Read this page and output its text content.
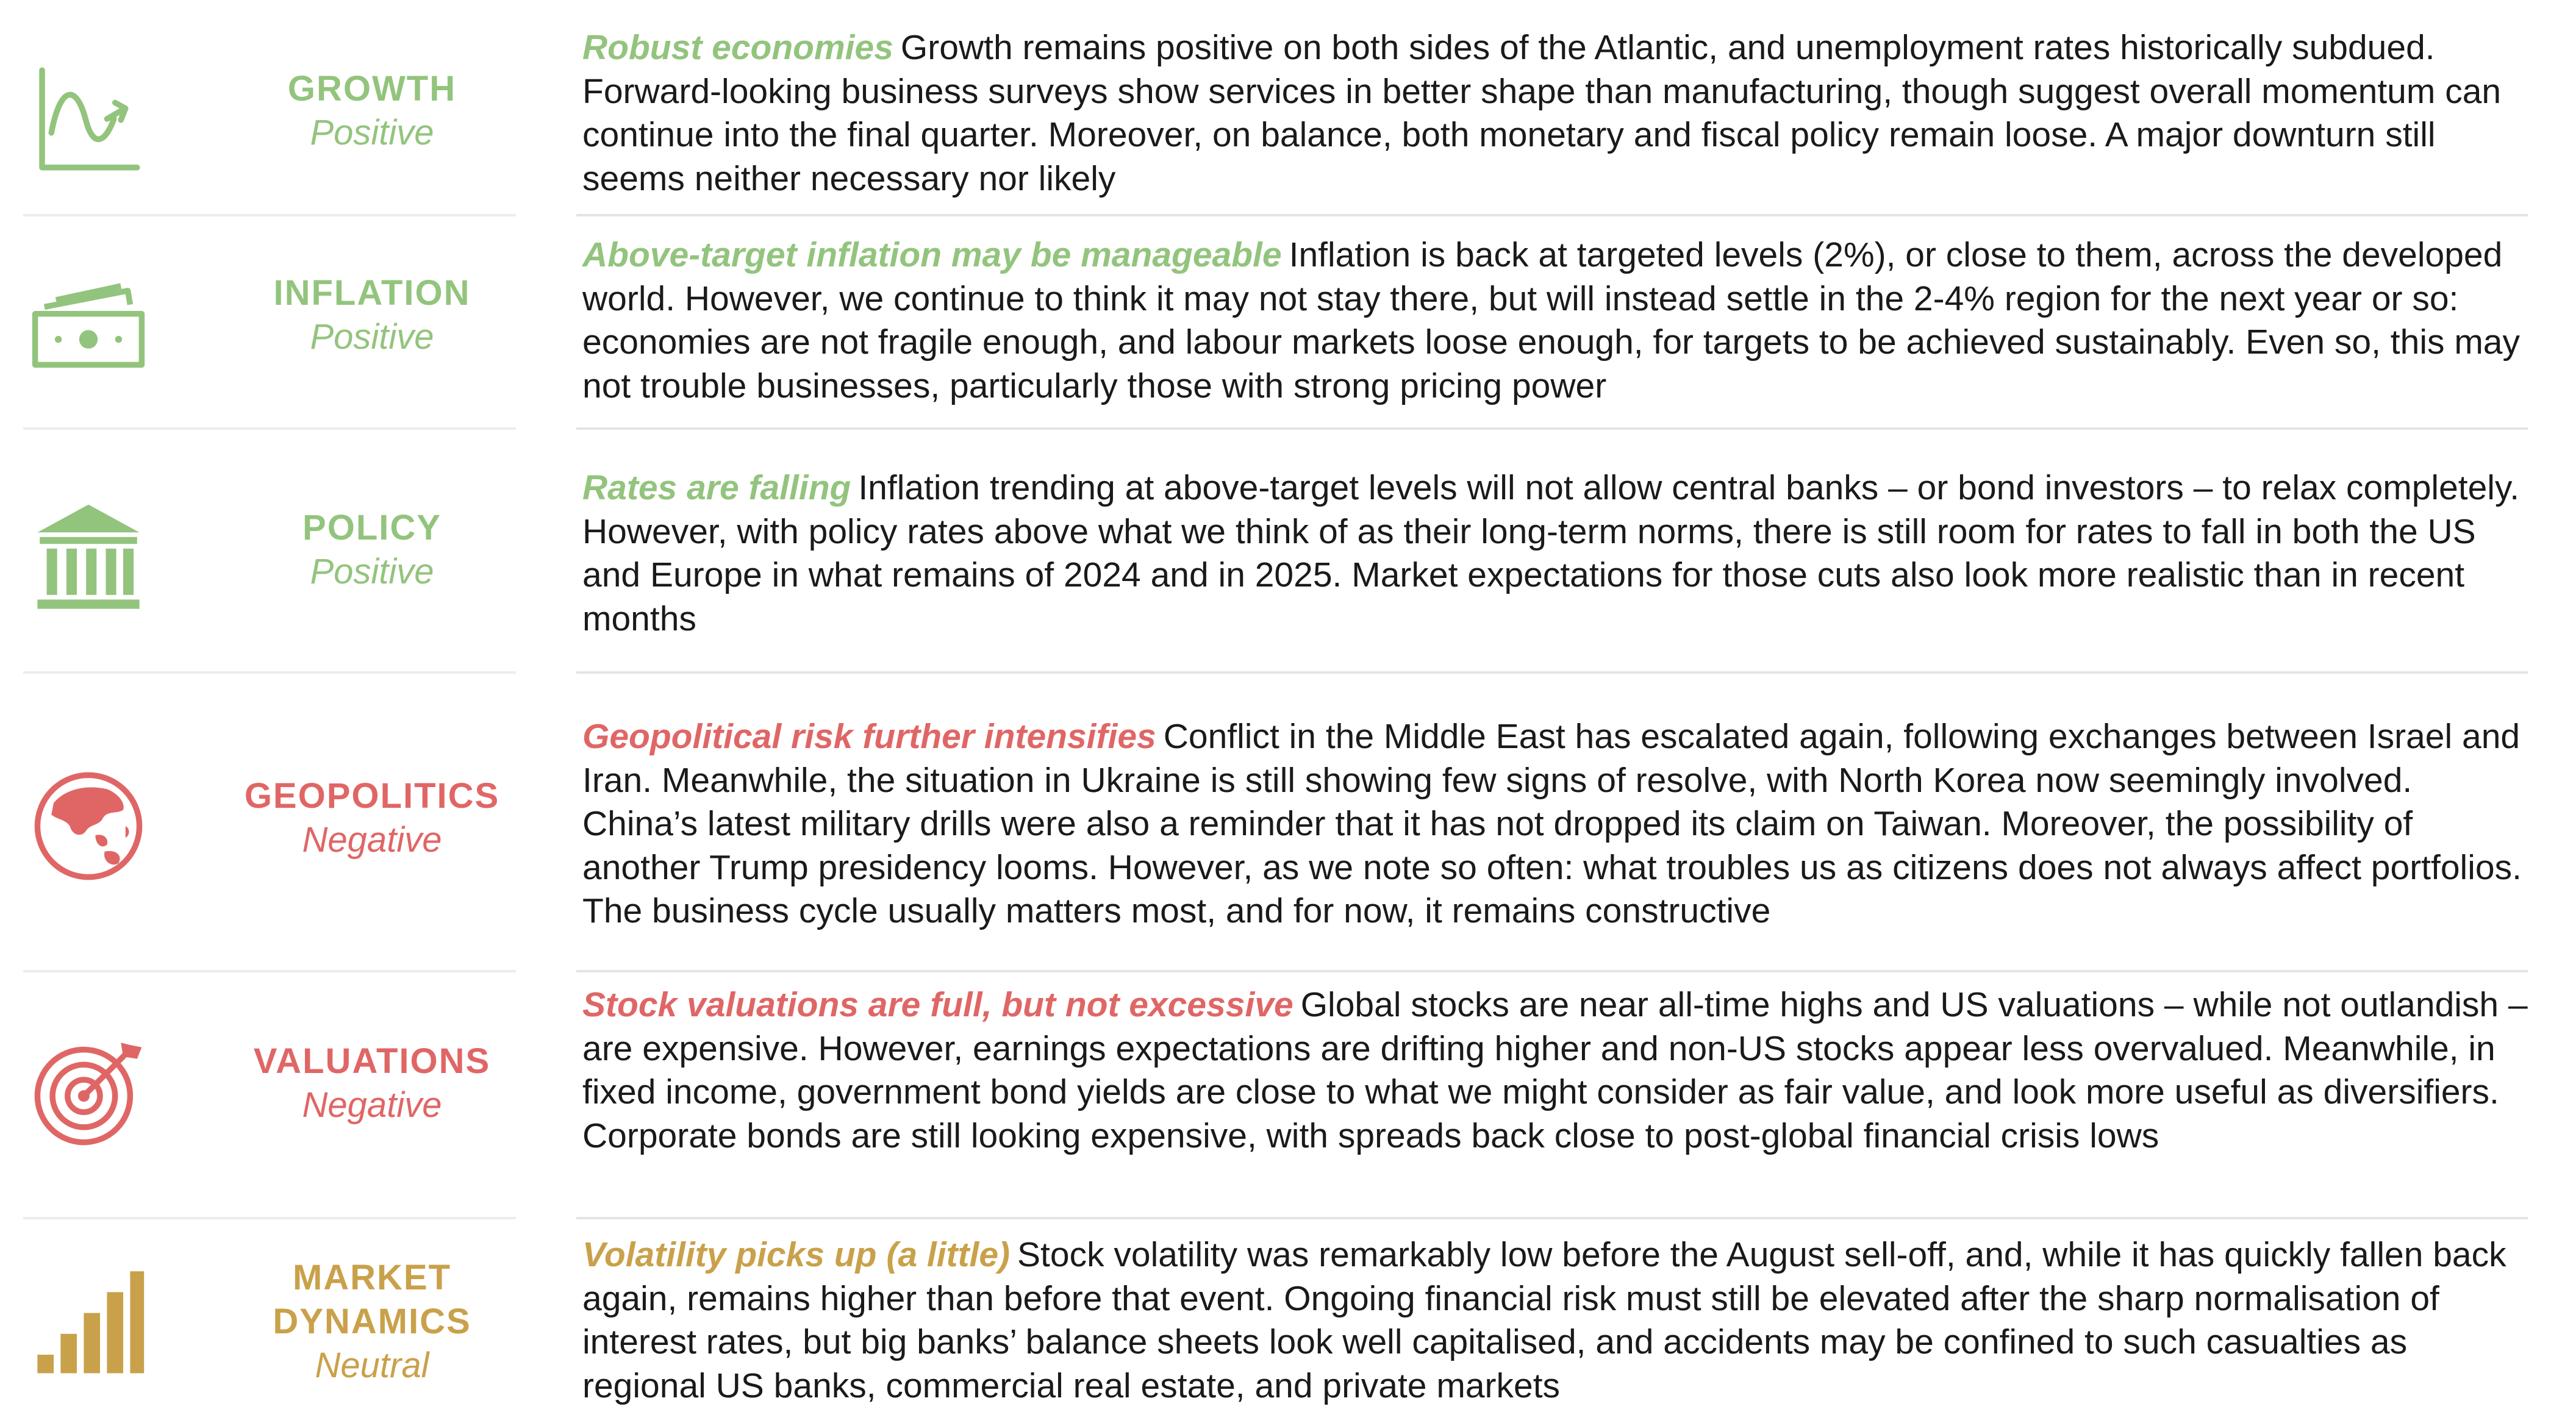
GROWTH
Positive
Robust economies Growth remains positive on both sides of the Atlantic, and unemployment rates historically subdued. Forward-looking business surveys show services in better shape than manufacturing, though suggest overall momentum can continue into the final quarter. Moreover, on balance, both monetary and fiscal policy remain loose. A major downturn still seems neither necessary nor likely
INFLATION
Positive
Above-target inflation may be manageable Inflation is back at targeted levels (2%), or close to them, across the developed world. However, we continue to think it may not stay there, but will instead settle in the 2-4% region for the next year or so: economies are not fragile enough, and labour markets loose enough, for targets to be achieved sustainably. Even so, this may not trouble businesses, particularly those with strong pricing power
POLICY
Positive
Rates are falling Inflation trending at above-target levels will not allow central banks – or bond investors – to relax completely. However, with policy rates above what we think of as their long-term norms, there is still room for rates to fall in both the US and Europe in what remains of 2024 and in 2025. Market expectations for those cuts also look more realistic than in recent months
GEOPOLITICS
Negative
Geopolitical risk further intensifies Conflict in the Middle East has escalated again, following exchanges between Israel and Iran. Meanwhile, the situation in Ukraine is still showing few signs of resolve, with North Korea now seemingly involved. China’s latest military drills were also a reminder that it has not dropped its claim on Taiwan. Moreover, the possibility of another Trump presidency looms. However, as we note so often: what troubles us as citizens does not always affect portfolios. The business cycle usually matters most, and for now, it remains constructive
VALUATIONS
Negative
Stock valuations are full, but not excessive Global stocks are near all-time highs and US valuations – while not outlandish – are expensive. However, earnings expectations are drifting higher and non-US stocks appear less overvalued. Meanwhile, in fixed income, government bond yields are close to what we might consider as fair value, and look more useful as diversifiers. Corporate bonds are still looking expensive, with spreads back close to post-global financial crisis lows
MARKET
DYNAMICS
Neutral
Volatility picks up (a little) Stock volatility was remarkably low before the August sell-off, and, while it has quickly fallen back again, remains higher than before that event. Ongoing financial risk must still be elevated after the sharp normalisation of interest rates, but big banks’ balance sheets look well capitalised, and accidents may be confined to such casualties as regional US banks, commercial real estate, and private markets
